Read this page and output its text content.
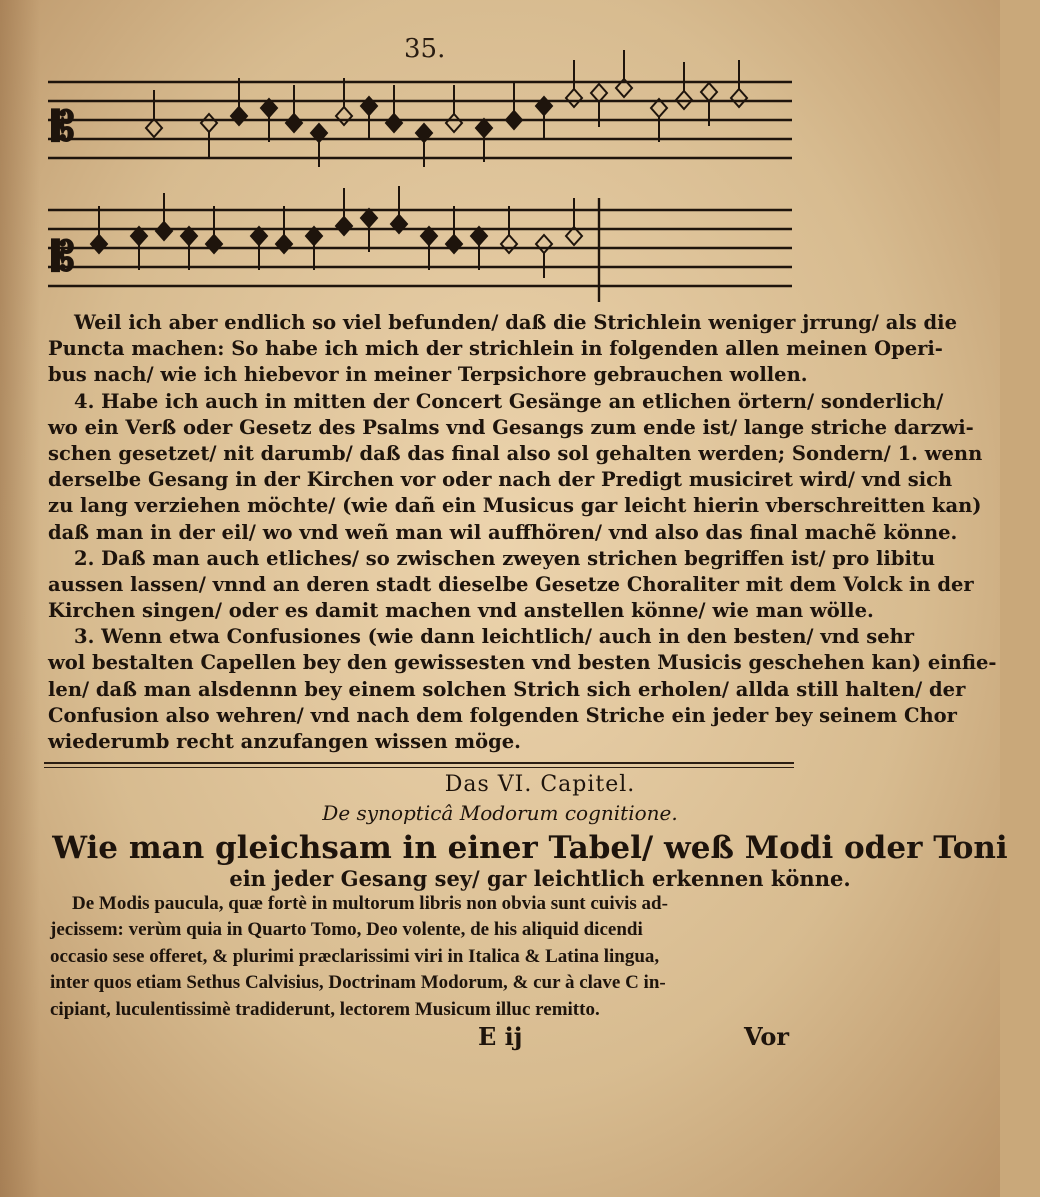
35.
𝄡
𝄡
Weil ich aber endlich so viel befunden/ daß die Strichlein weniger jrrung/ als die
Puncta machen: So habe ich mich der strichlein in folgenden allen meinen Operi-
bus nach/ wie ich hiebevor in meiner Terpsichore gebrauchen wollen.
4. Habe ich auch in mitten der Concert Gesänge an etlichen örtern/ sonderlich/
wo ein Verß oder Gesetz des Psalms vnd Gesangs zum ende ist/ lange striche darzwi-
schen gesetzet/ nit darumb/ daß das final also sol gehalten werden; Sondern/ 1. wenn
derselbe Gesang in der Kirchen vor oder nach der Predigt musiciret wird/ vnd sich
zu lang verziehen möchte/ (wie dañ ein Musicus gar leicht hierin vberschreitten kan)
daß man in der eil/ wo vnd weñ man wil auffhören/ vnd also das final machẽ könne.
2. Daß man auch etliches/ so zwischen zweyen strichen begriffen ist/ pro libitu
aussen lassen/ vnnd an deren stadt dieselbe Gesetze Choraliter mit dem Volck in der
Kirchen singen/ oder es damit machen vnd anstellen könne/ wie man wölle.
3. Wenn etwa Confusiones (wie dann leichtlich/ auch in den besten/ vnd sehr
wol bestalten Capellen bey den gewissesten vnd besten Musicis geschehen kan) einfie-
len/ daß man alsdennn bey einem solchen Strich sich erholen/ allda still halten/ der
Confusion also wehren/ vnd nach dem folgenden Striche ein jeder bey seinem Chor
wiederumb recht anzufangen wissen möge.
Das VI. Capitel.
De synopticâ Modorum cognitione.
Wie man gleichsam in einer Tabel/ weß Modi oder Toni
ein jeder Gesang sey/ gar leichtlich erkennen könne.
De Modis paucula, quæ fortè in multorum libris non obvia sunt cuivis ad-
jecissem: verùm quia in Quarto Tomo, Deo volente, de his aliquid dicendi
occasio sese offeret, & plurimi præclarissimi viri in Italica & Latina lingua,
inter quos etiam Sethus Calvisius, Doctrinam Modorum, & cur à clave C in-
cipiant, luculentissimè tradiderunt, lectorem Musicum illuc remitto.
E ij	Vor
